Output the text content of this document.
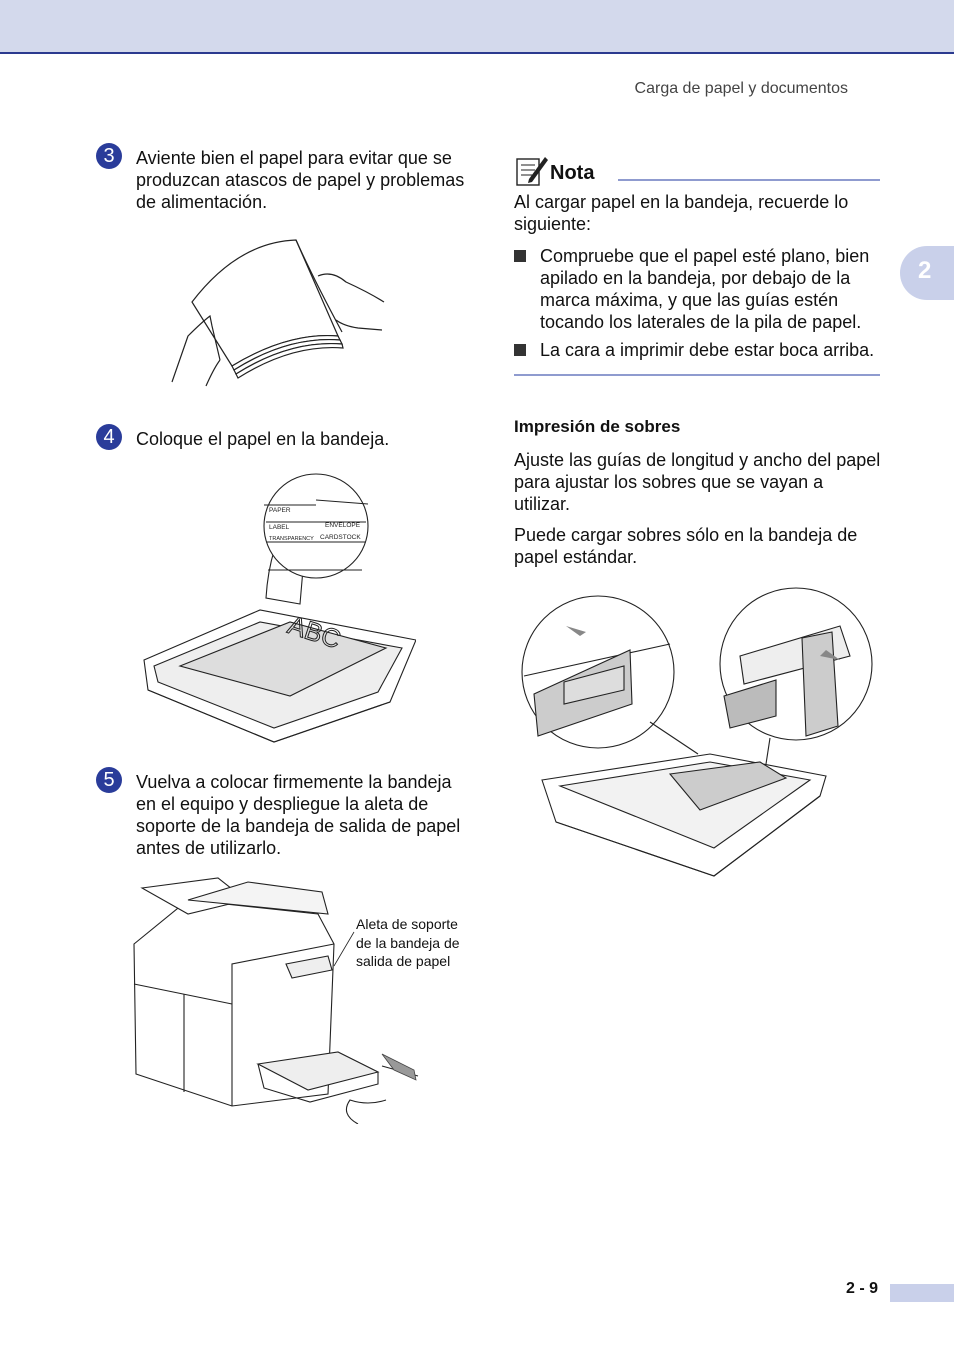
Carga de papel y documentos
2
3	Aviente bien el papel para evitar que se produzcan atascos de papel y problemas de alimentación.
4	Coloque el papel en la bandeja.
PAPER
LABEL	ENVELOPE
TRANSPARENCY CARDSTOCK
ABC
5	Vuelva a colocar firmemente la bandeja en el equipo y despliegue la aleta de soporte de la bandeja de salida de papel antes de utilizarlo.
Aleta de soporte de la bandeja de salida de papel
Nota
Al cargar papel en la bandeja, recuerde lo siguiente:
Compruebe que el papel esté plano, bien apilado en la bandeja, por debajo de la marca máxima, y que las guías estén tocando los laterales de la pila de papel.
La cara a imprimir debe estar boca arriba.
Impresión de sobres
Ajuste las guías de longitud y ancho del papel para ajustar los sobres que se vayan a utilizar.
Puede cargar sobres sólo en la bandeja de papel estándar.
2 - 9
